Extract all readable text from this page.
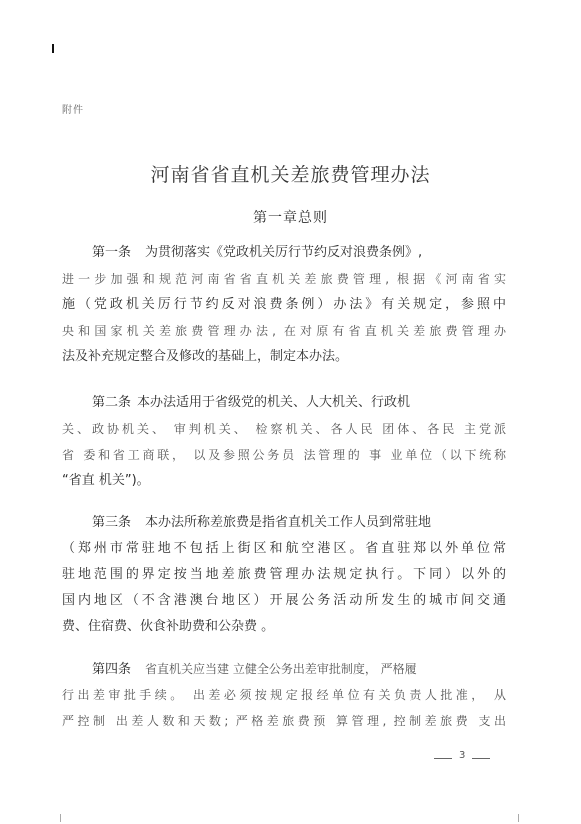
附件
河南省省直机关差旅费管理办法
第一章总则
第一条 为贯彻落实《党政机关厉行节约反对浪费条例》,
进一步加强和规范河南省省直机关差旅费管理, 根据《河南省实
施（党政机关厉行节约反对浪费条例）办法》有关规定，参照中
央和国家机关差旅费管理办法, 在对原有省直机关差旅费管理办
法及补充规定整合及修改的基础上，制定本办法。
第二条 本办法适用于省级党的机关、人大机关、行政机
关、政协机关、 审判机关、 检察机关、各人民 团体、各民 主党派
省 委和省工商联， 以及参照公务员 法管理的 事 业单位（以下统称
“省直 机关”)。
第三条 本办法所称差旅费是指省直机关工作人员到常驻地
（郑州市常驻地不包括上街区和航空港区。省直驻郑以外单位常
驻地范围的界定按当地差旅费管理办法规定执行。下同）以外的
国内地区（不含港澳台地区）开展公务活动所发生的城市间交通
费、住宿费、伙食补助费和公杂费 。
第四条 省直机关应当建 立健全公务出差审批制度， 严格履
行出差审批手续。 出差必须按规定报经单位有关负责人批准， 从
严控制 出差人数和天数; 严格差旅费预 算管理, 控制差旅费 支出
3
